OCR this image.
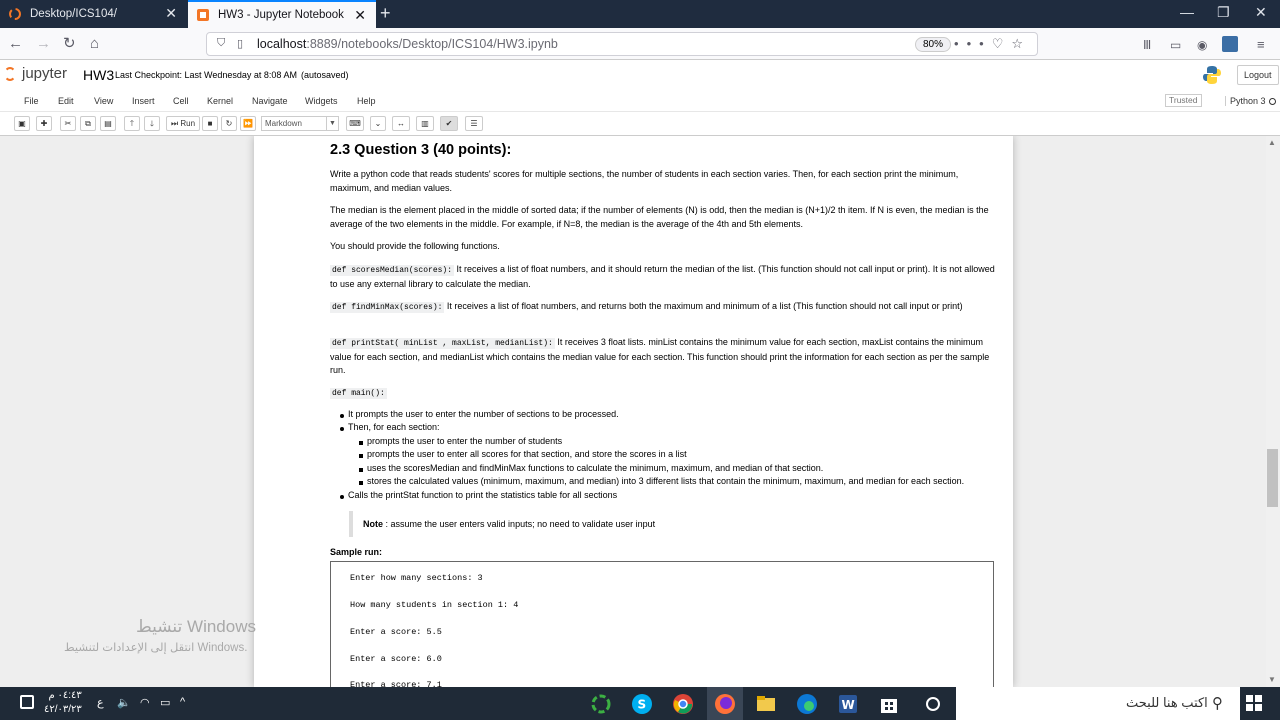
Desktop/ICS104/	✕	HW3 - Jupyter Notebook ✕ +	— ❐ ✕
← → ↻ ⌂	⛉ ▯ localhost:8889/notebooks/Desktop/ICS104/HW3.ipynb	80% •••♡☆	Ⅲ ▭ ◉	≡
jupyter HW3 Last Checkpoint: Last Wednesday at 8:08 AM (autosaved)	Logout
File Edit View Insert Cell Kernel Navigate Widgets Help	Trusted	Python 3
▣	✚	✂	⧉	▤	🡑	🡓	⏭ Run	■	↻	⏩	Markdown	▼	⌨	⌄	↔	▥	✔	☰
2.3 Question 3 (40 points):
Write a python code that reads students' scores for multiple sections, the number of students in each section varies. Then, for each section print the minimum, maximum, and median values.
The median is the element placed in the middle of sorted data; if the number of elements (N) is odd, then the median is (N+1)/2 th item. If N is even, the median is the average of the two elements in the middle. For example, if N=8, the median is the average of the 4th and 5th elements.
You should provide the following functions.
def scoresMedian(scores): It receives a list of float numbers, and it should return the median of the list. (This function should not call input or print). It is not allowed to use any external library to calculate the median.
def findMinMax(scores): It receives a list of float numbers, and returns both the maximum and minimum of a list (This function should not call input or print)
def printStat( minList , maxList, medianList): It receives 3 float lists. minList contains the minimum value for each section, maxList contains the minimum value for each section, and medianList which contains the median value for each section. This function should print the information for each section as per the sample run.
def main():
It prompts the user to enter the number of sections to be processed.
Then, for each section:
prompts the user to enter the number of students
prompts the user to enter all scores for that section, and store the scores in a list
uses the scoresMedian and findMinMax functions to calculate the minimum, maximum, and median of that section.
stores the calculated values (minimum, maximum, and median) into 3 different lists that contain the minimum, maximum, and median for each section.
Calls the printStat function to print the statistics table for all sections
Note : assume the user enters valid inputs; no need to validate user input
Sample run:
Enter how many sections: 3
How many students in section 1: 4
Enter a score: 5.5
Enter a score: 6.0
Enter a score: 7.1
▲
▼
تنشيط Windows
انتقل إلى الإعدادات لتنشيط Windows.
٠٤:٤٣ م
٤٢/٠٣/٢٣
ع 🔈 ◠ ▭ ^	S	W	اكتب هنا للبحث ⚲
